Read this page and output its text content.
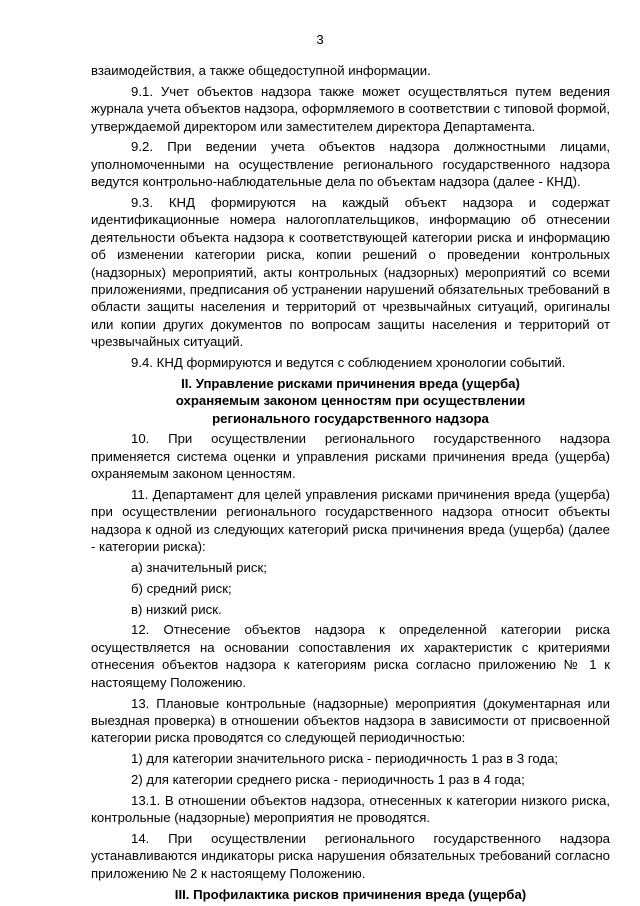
3

взаимодействия, а также общедоступной информации.

9.1. Учет объектов надзора также может осуществляться путем ведения журнала учета объектов надзора, оформляемого в соответствии с типовой формой, утверждаемой директором или заместителем директора Департамента.

9.2. При ведении учета объектов надзора должностными лицами, уполномоченными на осуществление регионального государственного надзора ведутся контрольно-наблюдательные дела по объектам надзора (далее - КНД).

9.3. КНД формируются на каждый объект надзора и содержат идентификационные номера налогоплательщиков, информацию об отнесении деятельности объекта надзора к соответствующей категории риска и информацию об изменении категории риска, копии решений о проведении контрольных (надзорных) мероприятий, акты контрольных (надзорных) мероприятий со всеми приложениями, предписания об устранении нарушений обязательных требований в области защиты населения и территорий от чрезвычайных ситуаций, оригиналы или копии других документов по вопросам защиты населения и территорий от чрезвычайных ситуаций.

9.4. КНД формируются и ведутся с соблюдением хронологии событий.

II. Управление рисками причинения вреда (ущерба)
охраняемым законом ценностям при осуществлении
регионального государственного надзора

10. При осуществлении регионального государственного надзора применяется система оценки и управления рисками причинения вреда (ущерба) охраняемым законом ценностям.

11. Департамент для целей управления рисками причинения вреда (ущерба) при осуществлении регионального государственного надзора относит объекты надзора к одной из следующих категорий риска причинения вреда (ущерба) (далее - категории риска):

а) значительный риск;

б) средний риск;

в) низкий риск.

12. Отнесение объектов надзора к определенной категории риска осуществляется на основании сопоставления их характеристик с критериями отнесения объектов надзора к категориям риска согласно приложению № 1 к настоящему Положению.

13. Плановые контрольные (надзорные) мероприятия (документарная или выездная проверка) в отношении объектов надзора в зависимости от присвоенной категории риска проводятся со следующей периодичностью:

1) для категории значительного риска - периодичность 1 раз в 3 года;

2) для категории среднего риска - периодичность 1 раз в 4 года;

13.1. В отношении объектов надзора, отнесенных к категории низкого риска, контрольные (надзорные) мероприятия не проводятся.

14. При осуществлении регионального государственного надзора устанавливаются индикаторы риска нарушения обязательных требований согласно приложению № 2 к настоящему Положению.

III. Профилактика рисков причинения вреда (ущерба)
